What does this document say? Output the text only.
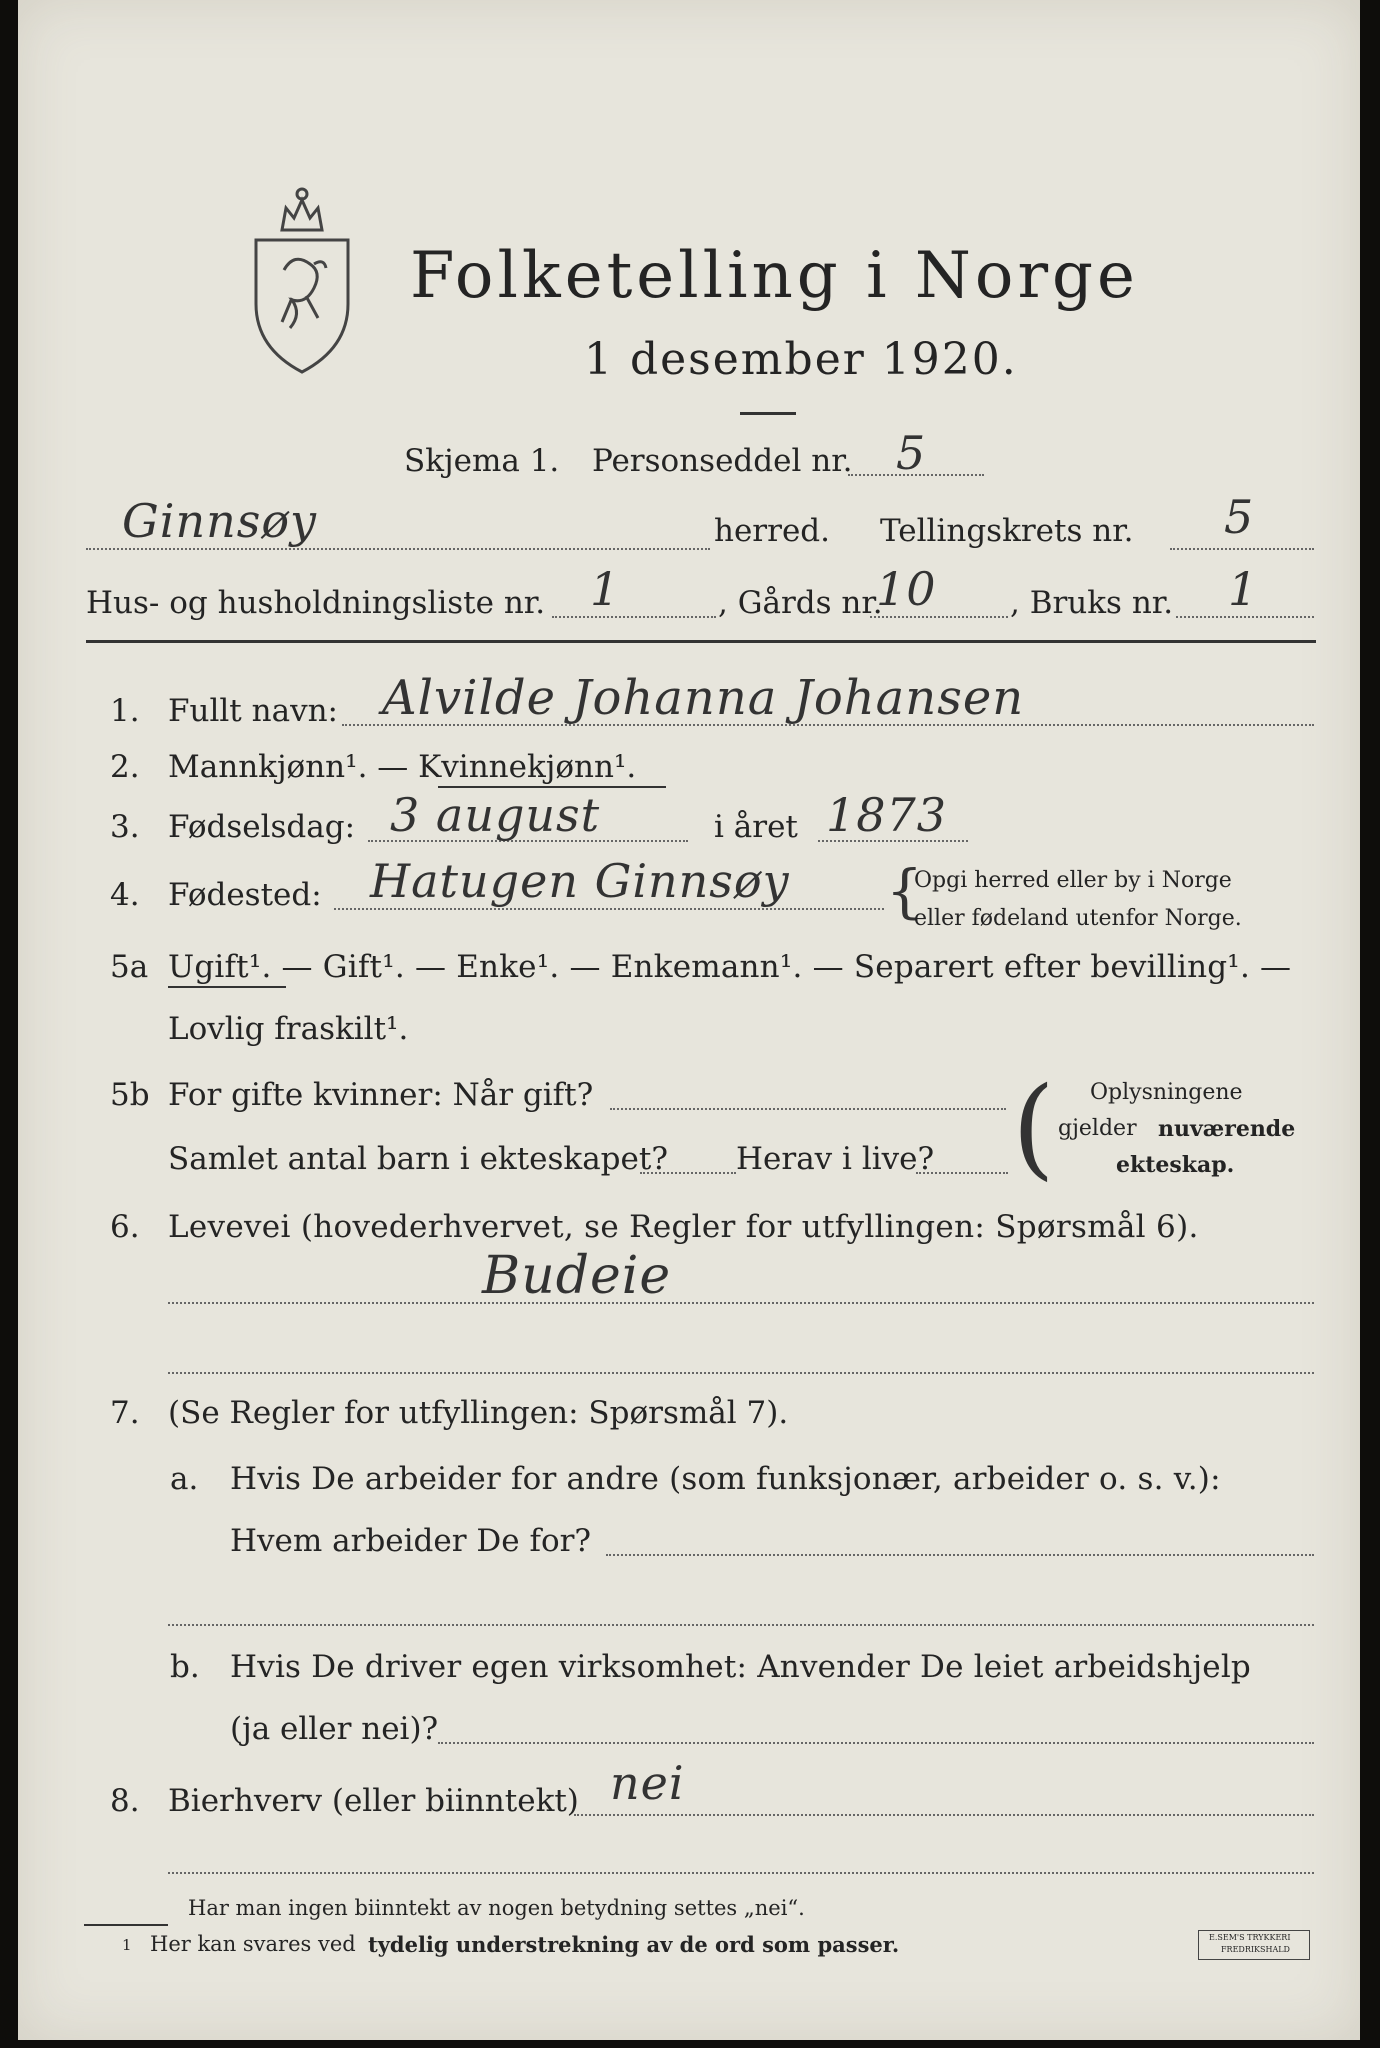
Folketelling i Norge
1 desember 1920.
Skjema 1. Personseddel nr. 5
Ginnsøy	herred. Tellingskrets nr. 5
Hus- og husholdningsliste nr. 1	, Gårds nr.
10 , Bruks nr. 1
1. Fullt navn: Alvilde Johanna Johansen
2. Mannkjønn¹. — Kvinnekjønn¹.
3. Fødselsdag: 3 august	i året 1873
4. Fødested: Hatugen Ginnsøy {
Opgi herred eller by i Norge
eller fødeland utenfor Norge.
5a Ugift¹. — Gift¹. — Enke¹. — Enkemann¹. — Separert efter bevilling¹. —
Lovlig fraskilt¹.
5b For gifte kvinner: Når gift?
Samlet antal barn i ekteskapet? Herav i live? ( Oplysningene
gjelder nuværende
ekteskap.
6. Levevei (hovederhvervet, se Regler for utfyllingen: Spørsmål 6).
Budeie
7. (Se Regler for utfyllingen: Spørsmål 7).
a. Hvis De arbeider for andre (som funksjonær, arbeider o. s. v.):
Hvem arbeider De for?
b. Hvis De driver egen virksomhet: Anvender De leiet arbeidshjelp
(ja eller nei)?
8. Bierhverv (eller biinntekt) nei
Har man ingen biinntekt av nogen betydning settes „nei“.
1 Her kan svares ved tydelig understrekning av de ord som passer.	E.SEM'S TRYKKERI
FREDRIKSHALD
